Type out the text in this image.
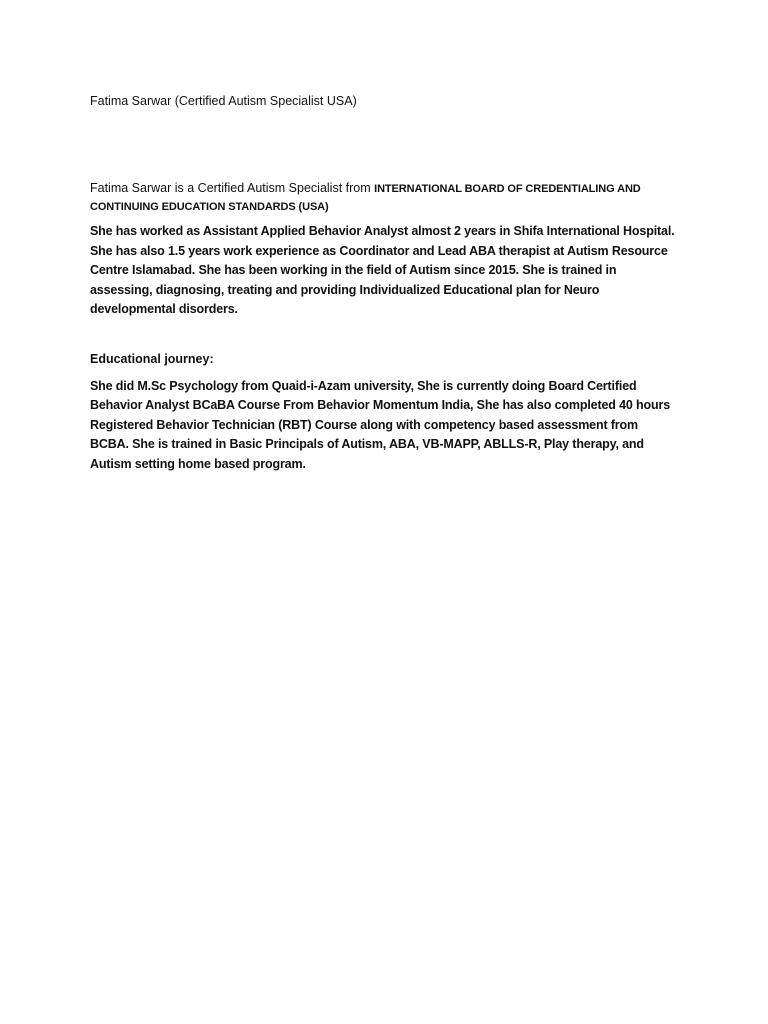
Fatima Sarwar (Certified Autism Specialist USA)

Fatima Sarwar is a Certified Autism Specialist from INTERNATIONAL BOARD OF CREDENTIALING AND CONTINUING EDUCATION STANDARDS (USA)

She has worked as Assistant Applied Behavior Analyst almost 2 years in Shifa International Hospital. She has also 1.5 years work experience as Coordinator and Lead ABA therapist at Autism Resource Centre Islamabad. She has been working in the field of Autism since 2015. She is trained in assessing, diagnosing, treating and providing Individualized Educational plan for Neuro developmental disorders.

Educational journey:

She did M.Sc Psychology from Quaid-i-Azam university, She is currently doing Board Certified Behavior Analyst BCaBA Course From Behavior Momentum India, She has also completed 40 hours Registered Behavior Technician (RBT) Course along with competency based assessment from BCBA. She is trained in Basic Principals of Autism, ABA, VB-MAPP, ABLLS-R, Play therapy, and Autism setting home based program.
